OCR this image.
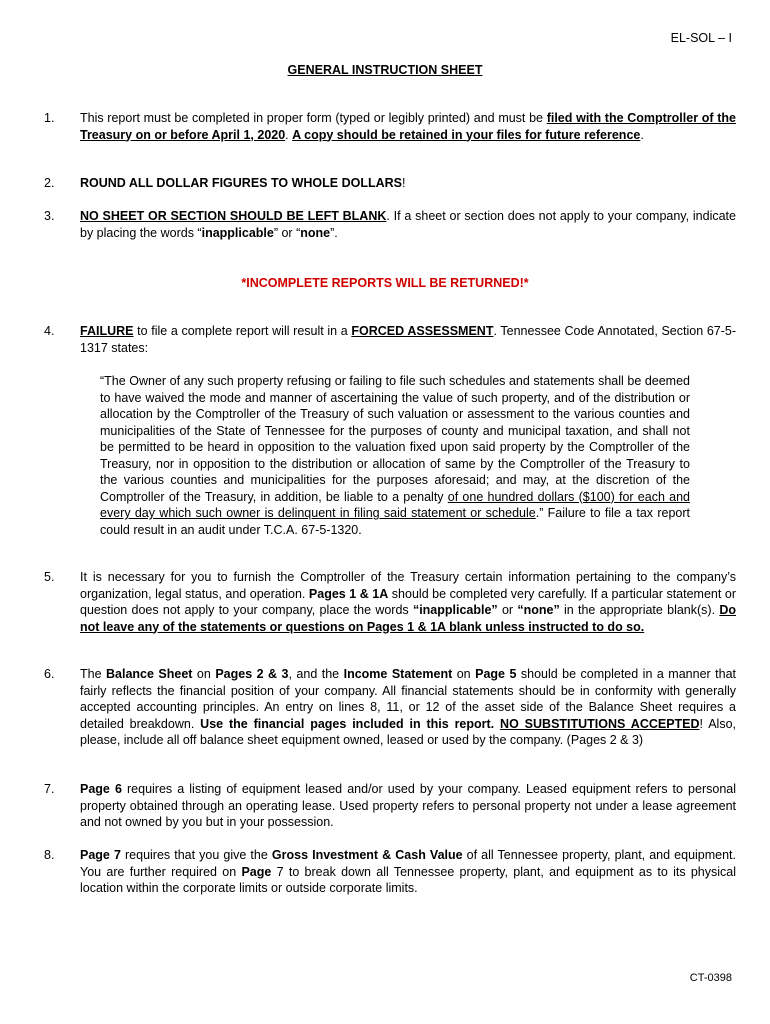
EL-SOL – I
GENERAL INSTRUCTION SHEET
1.	This report must be completed in proper form (typed or legibly printed) and must be filed with the Comptroller of the Treasury on or before April 1, 2020. A copy should be retained in your files for future reference.
2.	ROUND ALL DOLLAR FIGURES TO WHOLE DOLLARS!
3.	NO SHEET OR SECTION SHOULD BE LEFT BLANK. If a sheet or section does not apply to your company, indicate by placing the words “inapplicable” or “none”.
*INCOMPLETE REPORTS WILL BE RETURNED!*
4.	FAILURE to file a complete report will result in a FORCED ASSESSMENT. Tennessee Code Annotated, Section 67-5-1317 states:
“The Owner of any such property refusing or failing to file such schedules and statements shall be deemed to have waived the mode and manner of ascertaining the value of such property, and of the distribution or allocation by the Comptroller of the Treasury of such valuation or assessment to the various counties and municipalities of the State of Tennessee for the purposes of county and municipal taxation, and shall not be permitted to be heard in opposition to the valuation fixed upon said property by the Comptroller of the Treasury, nor in opposition to the distribution or allocation of same by the Comptroller of the Treasury to the various counties and municipalities for the purposes aforesaid; and may, at the discretion of the Comptroller of the Treasury, in addition, be liable to a penalty of one hundred dollars ($100) for each and every day which such owner is delinquent in filing said statement or schedule.” Failure to file a tax report could result in an audit under T.C.A. 67-5-1320.
5.	It is necessary for you to furnish the Comptroller of the Treasury certain information pertaining to the company’s organization, legal status, and operation. Pages 1 & 1A should be completed very carefully. If a particular statement or question does not apply to your company, place the words “inapplicable” or “none” in the appropriate blank(s). Do not leave any of the statements or questions on Pages 1 & 1A blank unless instructed to do so.
6.	The Balance Sheet on Pages 2 & 3, and the Income Statement on Page 5 should be completed in a manner that fairly reflects the financial position of your company. All financial statements should be in conformity with generally accepted accounting principles. An entry on lines 8, 11, or 12 of the asset side of the Balance Sheet requires a detailed breakdown. Use the financial pages included in this report. NO SUBSTITUTIONS ACCEPTED! Also, please, include all off balance sheet equipment owned, leased or used by the company. (Pages 2 & 3)
7.	Page 6 requires a listing of equipment leased and/or used by your company. Leased equipment refers to personal property obtained through an operating lease. Used property refers to personal property not under a lease agreement and not owned by you but in your possession.
8.	Page 7 requires that you give the Gross Investment & Cash Value of all Tennessee property, plant, and equipment. You are further required on Page 7 to break down all Tennessee property, plant, and equipment as to its physical location within the corporate limits or outside corporate limits.
CT-0398
